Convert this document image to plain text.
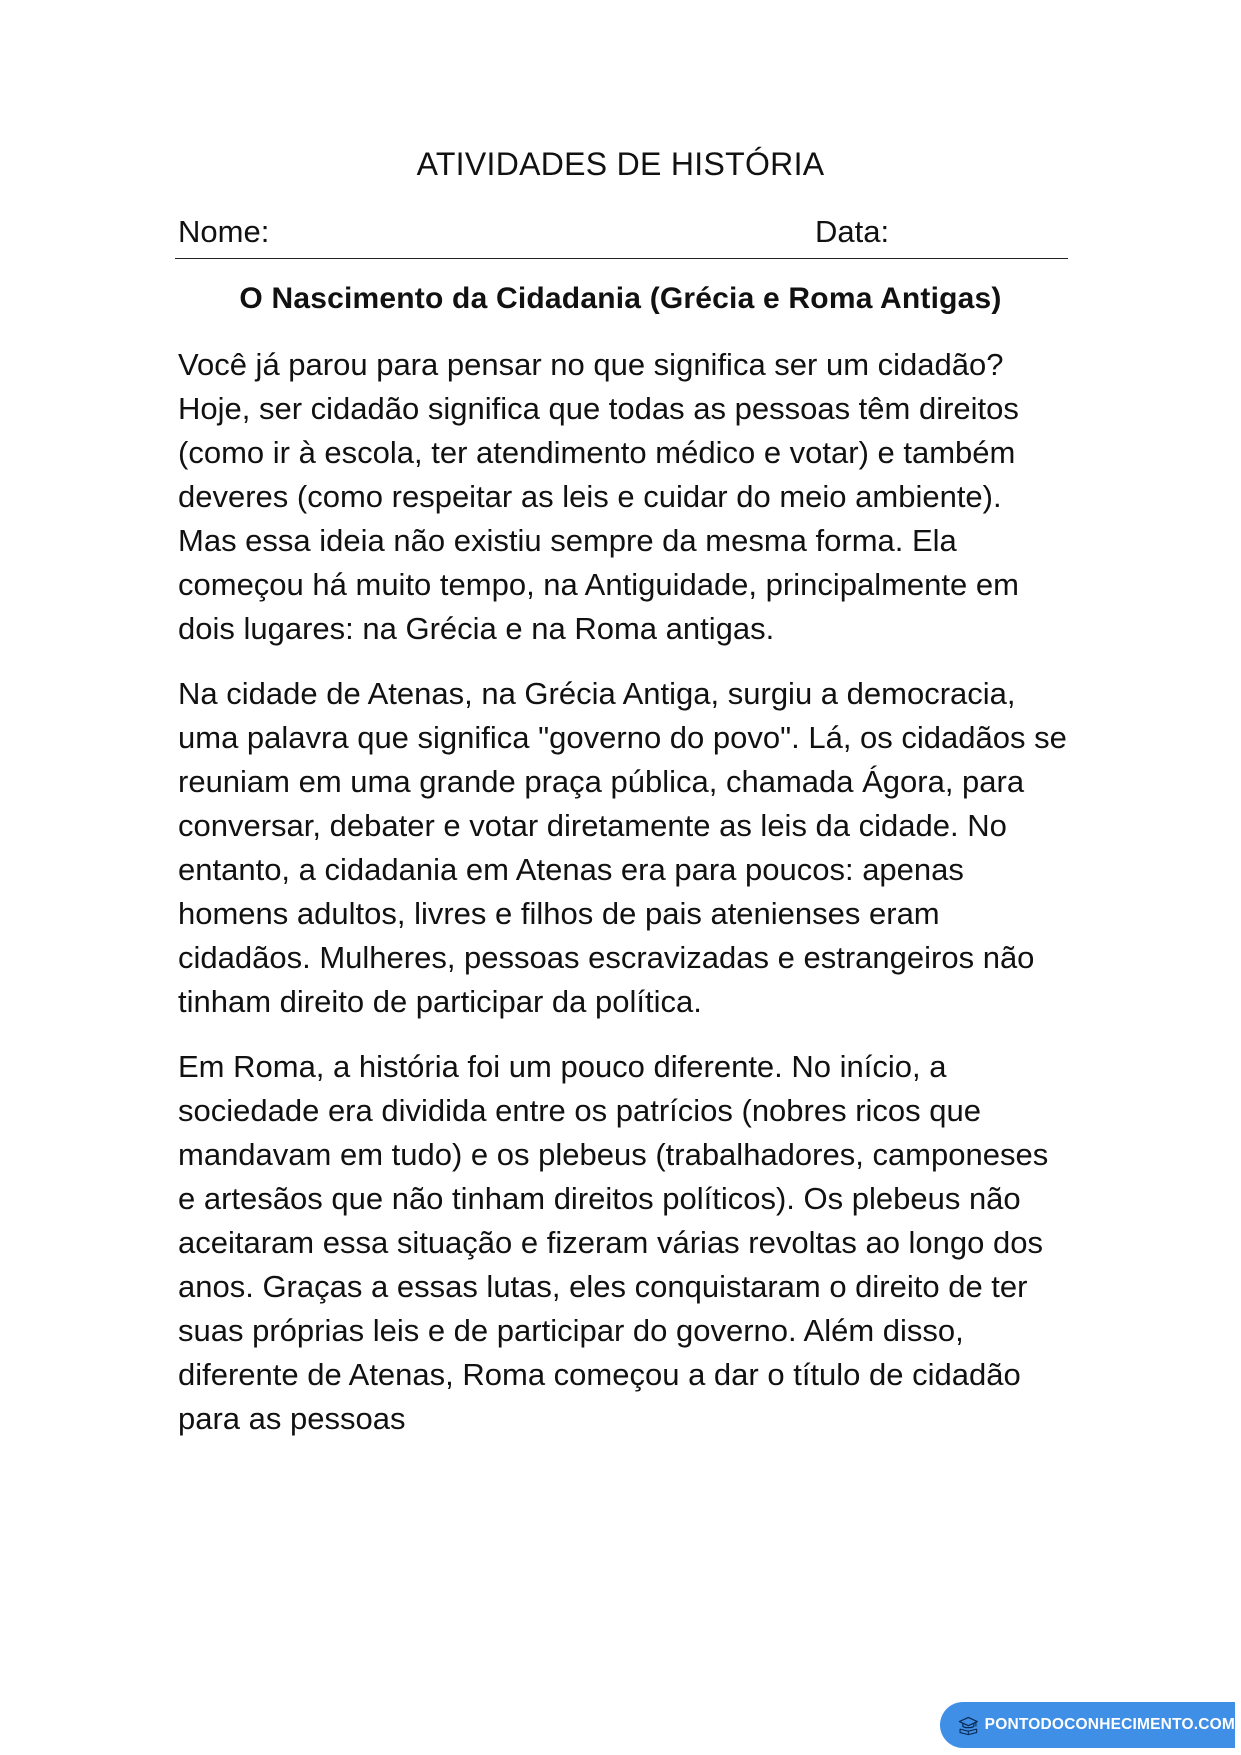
ATIVIDADES DE HISTÓRIA
Nome:	Data:
O Nascimento da Cidadania (Grécia e Roma Antigas)

Você já parou para pensar no que significa ser um cidadão? Hoje, ser cidadão significa que todas as pessoas têm direitos (como ir à escola, ter atendimento médico e votar) e também deveres (como respeitar as leis e cuidar do meio ambiente). Mas essa ideia não existiu sempre da mesma forma. Ela começou há muito tempo, na Antiguidade, principalmente em dois lugares: na Grécia e na Roma antigas.

Na cidade de Atenas, na Grécia Antiga, surgiu a democracia, uma palavra que significa "governo do povo". Lá, os cidadãos se reuniam em uma grande praça pública, chamada Ágora, para conversar, debater e votar diretamente as leis da cidade. No entanto, a cidadania em Atenas era para poucos: apenas homens adultos, livres e filhos de pais atenienses eram cidadãos. Mulheres, pessoas escravizadas e estrangeiros não tinham direito de participar da política.

Em Roma, a história foi um pouco diferente. No início, a sociedade era dividida entre os patrícios (nobres ricos que mandavam em tudo) e os plebeus (trabalhadores, camponeses e artesãos que não tinham direitos políticos). Os plebeus não aceitaram essa situação e fizeram várias revoltas ao longo dos anos. Graças a essas lutas, eles conquistaram o direito de ter suas próprias leis e de participar do governo. Além disso, diferente de Atenas, Roma começou a dar o título de cidadão para as pessoas

PONTODOCONHECIMENTO.COM
